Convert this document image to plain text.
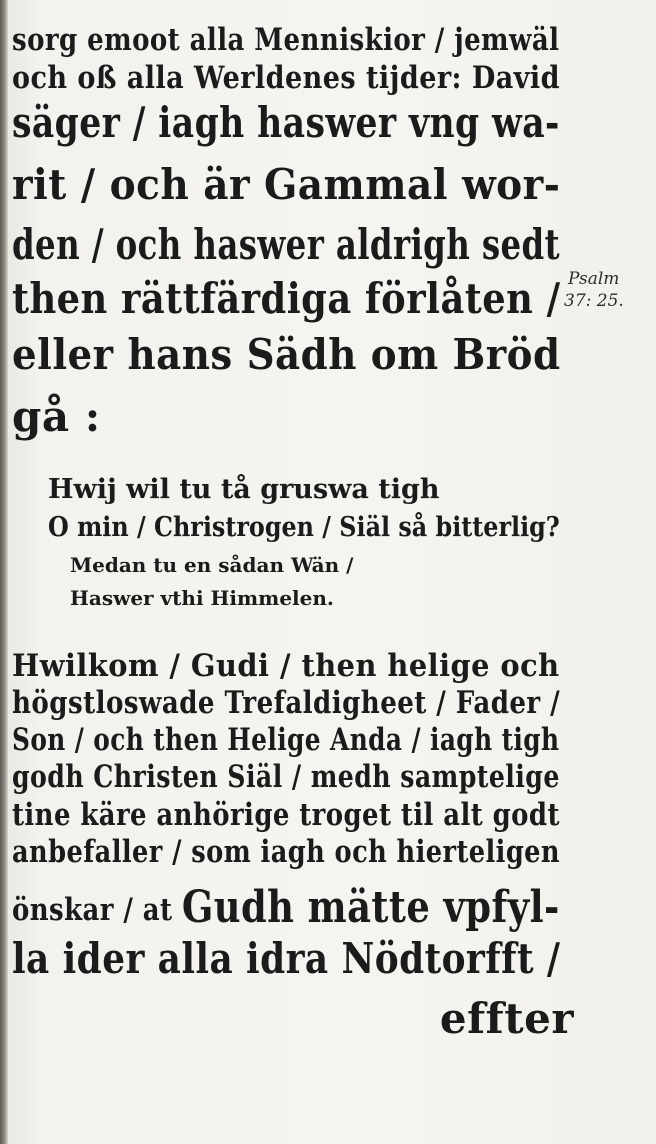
sorg emoot alla Menniskior / jemwäl
och oß alla Werldenes tijder: David
säger / iagh haswer vng wa-
rit / och är Gammal wor-
den / och haswer aldrigh sedt
then rättfärdiga förlåten /
eller hans Sädh om Bröd
gå :
Hwij wil tu tå gruswa tigh
O min / Christrogen / Siäl så bitterlig?
Medan tu en sådan Wän /
Haswer vthi Himmelen.
Hwilkom / Gudi / then helige och
högstloswade Trefaldigheet / Fader /
Son / och then Helige Anda / iagh tigh
godh Christen Siäl / medh samptelige
tine käre anhörige troget til alt godt
anbefaller / som iagh och hierteligen
önskar / at Gudh mätte vpfyl-
la ider alla idra Nödtorfft /
effter
Psalm
37: 25.
